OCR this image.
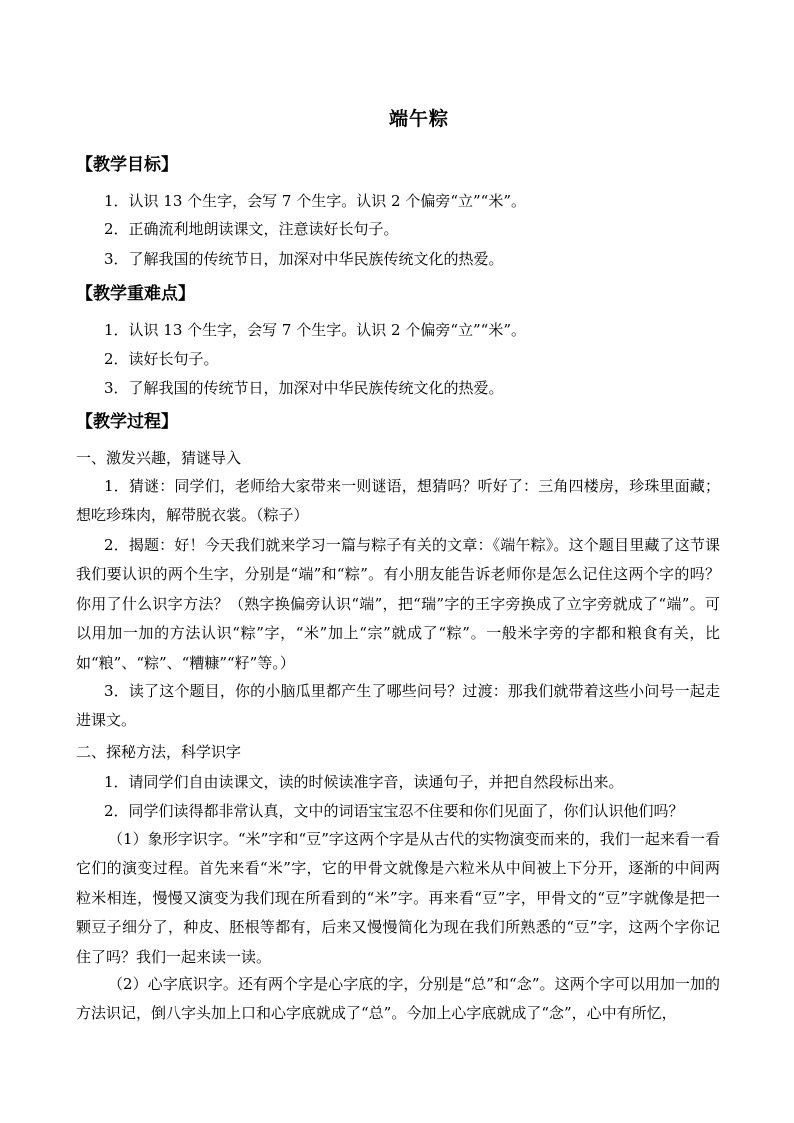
端午粽
【教学目标】
1．认识 13 个生字，会写 7 个生字。认识 2 个偏旁“立”“米”。
2．正确流利地朗读课文，注意读好长句子。
3．了解我国的传统节日，加深对中华民族传统文化的热爱。
【教学重难点】
1．认识 13 个生字，会写 7 个生字。认识 2 个偏旁“立”“米”。
2．读好长句子。
3．了解我国的传统节日，加深对中华民族传统文化的热爱。
【教学过程】
一、激发兴趣，猜谜导入
1．猜谜：同学们，老师给大家带来一则谜语，想猜吗？听好了：三角四楼房，珍珠里面藏；想吃珍珠肉，解带脱衣裳。（粽子）
2．揭题：好！今天我们就来学习一篇与粽子有关的文章：《端午粽》。这个题目里藏了这节课我们要认识的两个生字，分别是“端”和“粽”。有小朋友能告诉老师你是怎么记住这两个字的吗？你用了什么识字方法？（熟字换偏旁认识“端”，把“瑞”字的王字旁换成了立字旁就成了“端”。可以用加一加的方法认识“粽”字，“米”加上“宗”就成了“粽”。一般米字旁的字都和粮食有关，比如“粮”、“粽”、“糟糠”“籽”等。）
3．读了这个题目，你的小脑瓜里都产生了哪些问号？过渡：那我们就带着这些小问号一起走进课文。
二、探秘方法，科学识字
1．请同学们自由读课文，读的时候读准字音，读通句子，并把自然段标出来。
2．同学们读得都非常认真，文中的词语宝宝忍不住要和你们见面了，你们认识他们吗？
（1）象形字识字。“米”字和“豆”字这两个字是从古代的实物演变而来的，我们一起来看一看它们的演变过程。首先来看“米”字，它的甲骨文就像是六粒米从中间被上下分开，逐渐的中间两粒米相连，慢慢又演变为我们现在所看到的“米”字。再来看“豆”字，甲骨文的“豆”字就像是把一颗豆子细分了，种皮、胚根等都有，后来又慢慢简化为现在我们所熟悉的“豆”字，这两个字你记住了吗？我们一起来读一读。
（2）心字底识字。还有两个字是心字底的字，分别是“总”和“念”。这两个字可以用加一加的方法识记，倒八字头加上口和心字底就成了“总”。今加上心字底就成了“念”，心中有所忆，
